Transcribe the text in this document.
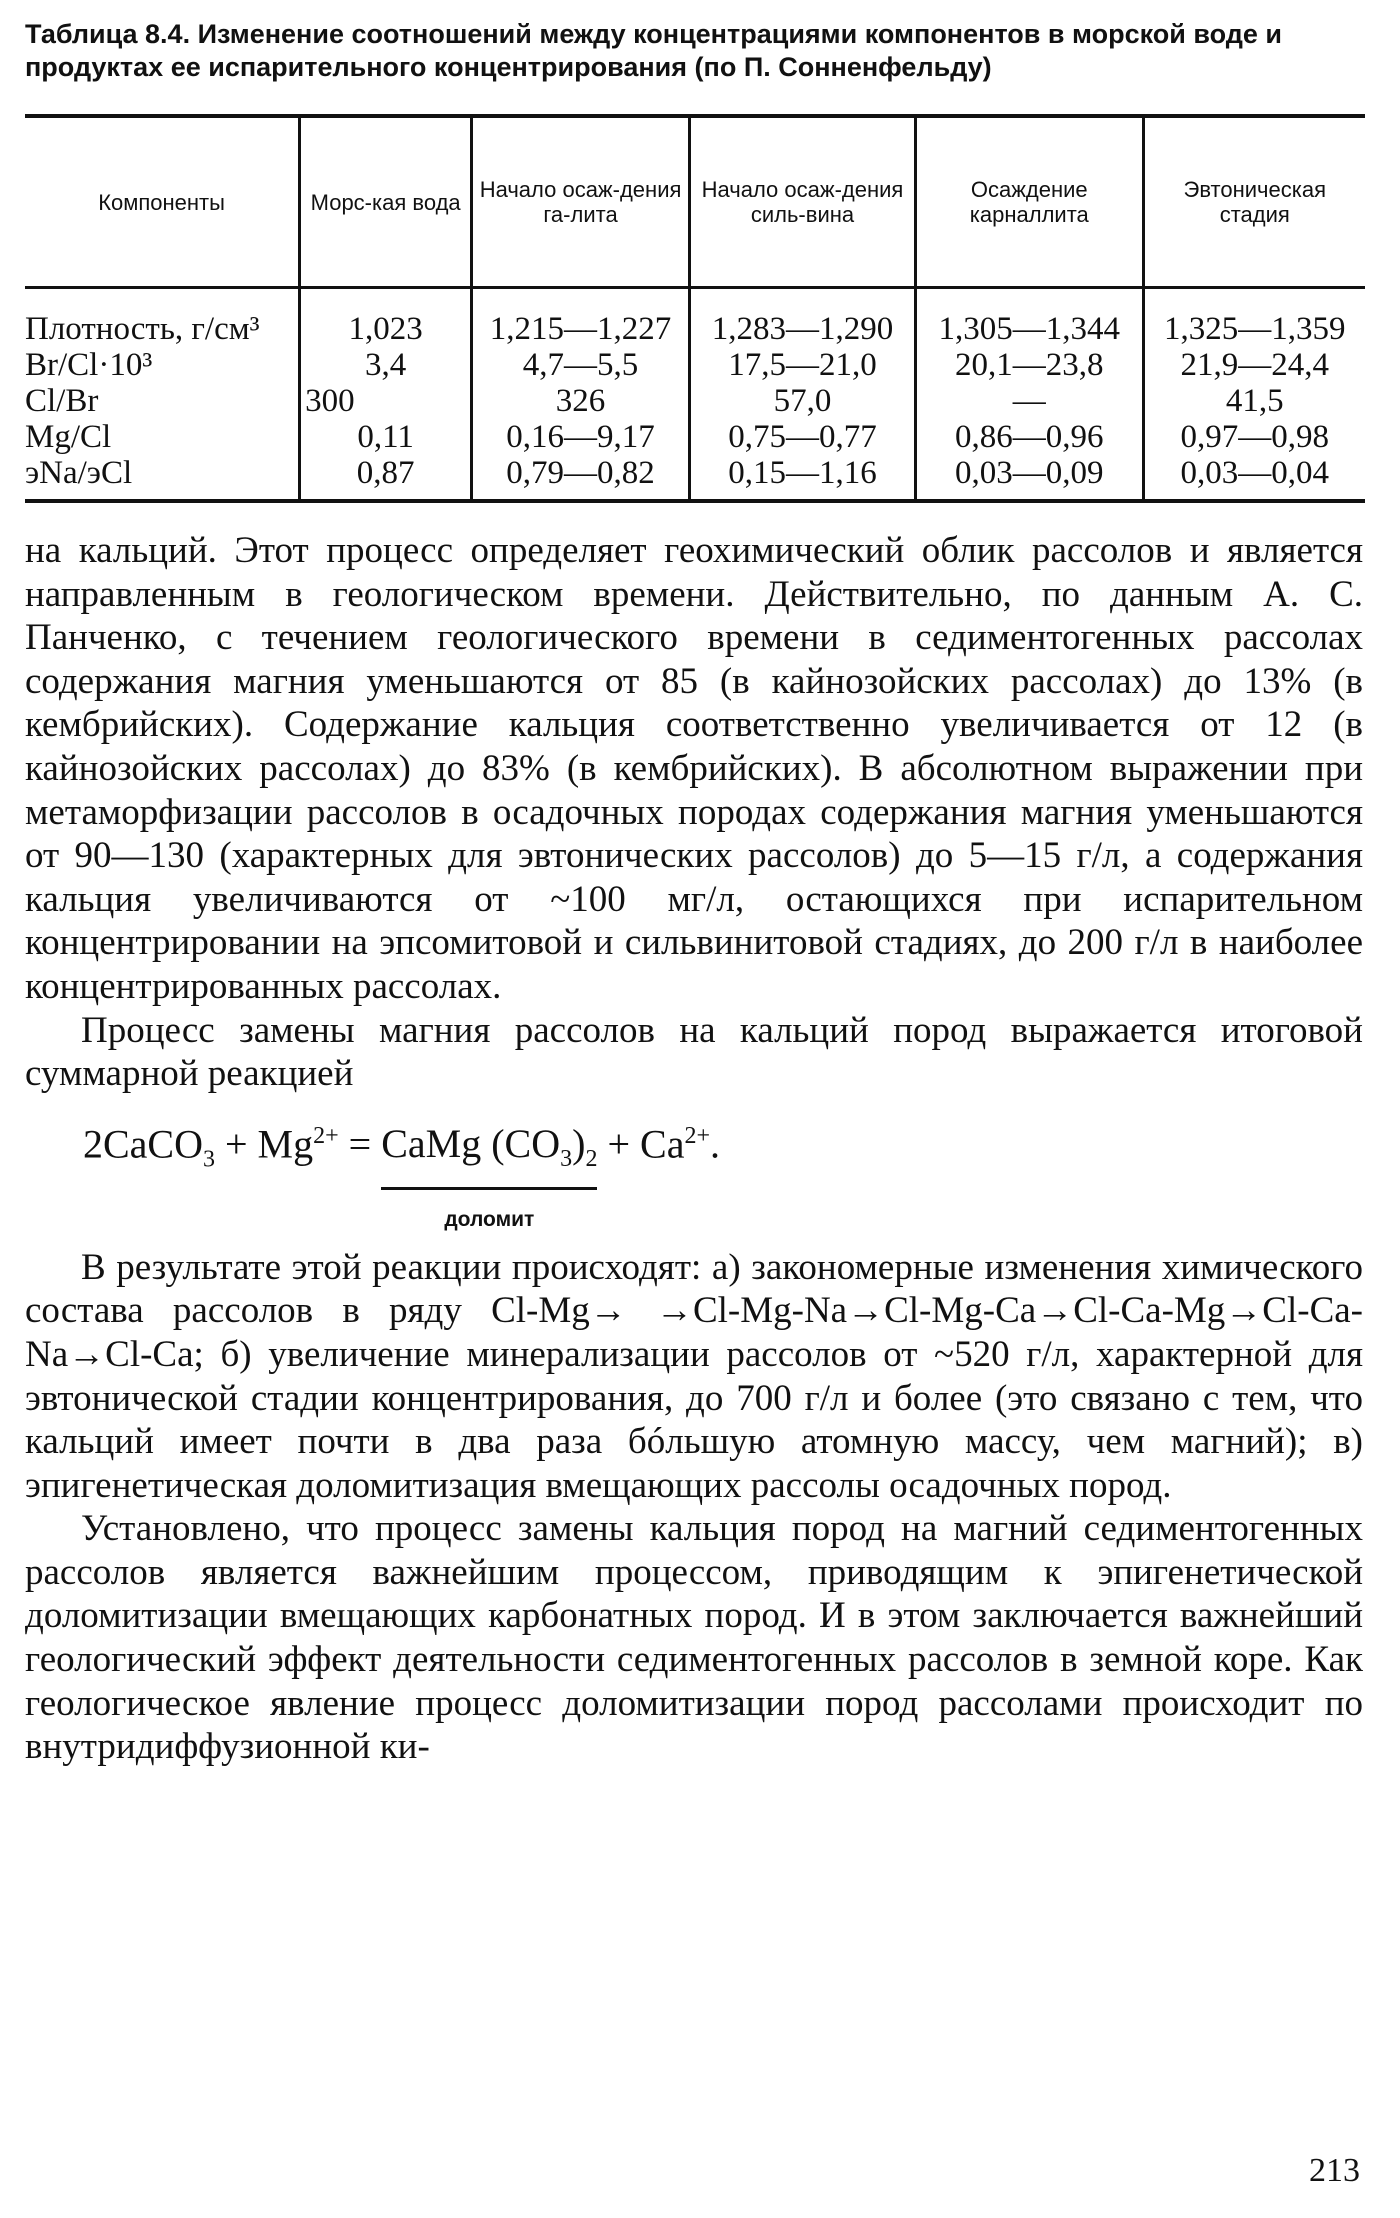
Таблица 8.4. Изменение соотношений между концентрациями компонентов в морской воде и продуктах ее испарительного концентрирования (по П. Сонненфельду)

Компоненты	Морс-кая вода	Начало осаж-дения га-лита	Начало осаж-дения силь-вина	Осаждение карналлита	Эвтоническая стадия
Плотность, г/см³	1,023	1,215—1,227	1,283—1,290	1,305—1,344	1,325—1,359
Br/Cl·10³	3,4	4,7—5,5	17,5—21,0	20,1—23,8	21,9—24,4
Cl/Br	300	326	57,0	—	41,5
Mg/Cl	0,11	0,16—9,17	0,75—0,77	0,86—0,96	0,97—0,98
эNa/эCl	0,87	0,79—0,82	0,15—1,16	0,03—0,09	0,03—0,04

на кальций. Этот процесс определяет геохимический облик рассолов и является направленным в геологическом времени. Действительно, по данным А. С. Панченко, с течением геологического времени в седиментогенных рассолах содержания магния уменьшаются от 85 (в кайнозойских рассолах) до 13% (в кембрийских). Содержание кальция соответственно увеличивается от 12 (в кайнозойских рассолах) до 83% (в кембрийских). В абсолютном выражении при метаморфизации рассолов в осадочных породах содержания магния уменьшаются от 90—130 (характерных для эвтонических рассолов) до 5—15 г/л, а содержания кальция увеличиваются от ~100 мг/л, остающихся при испарительном концентрировании на эпсомитовой и сильвинитовой стадиях, до 200 г/л в наиболее концентрированных рассолах.

Процесс замены магния рассолов на кальций пород выражается итоговой суммарной реакцией

2CaCO$_3$ + $Mg^{2+}$ = CaMg $(CO_3)_2$
доломит
+ $Ca^{2+}$.

В результате этой реакции происходят: а) закономерные изменения химического состава рассолов в ряду Cl-Mg→ →Cl-Mg-Na→Cl-Mg-Ca→Cl-Ca-Mg→Cl-Ca-Na→Cl-Ca; б) увеличение минерализации рассолов от ~520 г/л, характерной для эвтонической стадии концентрирования, до 700 г/л и более (это связано с тем, что кальций имеет почти в два раза бóльшую атомную массу, чем магний); в) эпигенетическая доломитизация вмещающих рассолы осадочных пород.

Установлено, что процесс замены кальция пород на магний седиментогенных рассолов является важнейшим процессом, приводящим к эпигенетической доломитизации вмещающих карбонатных пород. И в этом заключается важнейший геологический эффект деятельности седиментогенных рассолов в земной коре. Как геологическое явление процесс доломитизации пород рассолами происходит по внутридиффузионной ки-

213
